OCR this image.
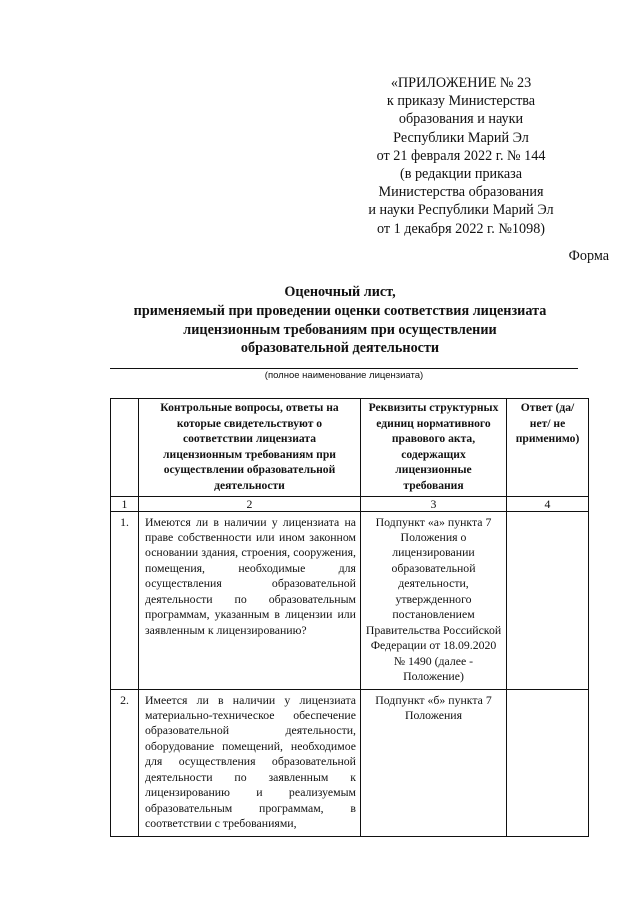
«ПРИЛОЖЕНИЕ № 23
к приказу Министерства
образования и науки
Республики Марий Эл
от 21 февраля 2022 г. № 144
(в редакции приказа
Министерства образования
и науки Республики Марий Эл
от 1 декабря 2022 г. №1098)
Форма
Оценочный лист,
применяемый при проведении оценки соответствия лицензиата
лицензионным требованиям при осуществлении
образовательной деятельности
(полное наименование лицензиата)
	Контрольные вопросы, ответы на которые свидетельствуют о соответствии лицензиата лицензионным требованиям при осуществлении образовательной деятельности	Реквизиты структурных единиц нормативного правового акта, содержащих лицензионные требования	Ответ (да/ нет/ не применимо)
1	2	3	4
1.	Имеются ли в наличии у лицензиата на праве собственности или ином законном основании здания, строения, сооружения, помещения, необходимые для осуществления образовательной деятельности по образовательным программам, указанным в лицензии или заявленным к лицензированию?	Подпункт «а» пункта 7 Положения о лицензировании образовательной деятельности, утвержденного постановлением Правительства Российской Федерации от 18.09.2020 № 1490 (далее - Положение)	
2.	Имеется ли в наличии у лицензиата материально-техническое обеспечение образовательной деятельности, оборудование помещений, необходимое для осуществления образовательной деятельности по заявленным к лицензированию и реализуемым образовательным программам, в соответствии с требованиями,	Подпункт «б» пункта 7 Положения	
